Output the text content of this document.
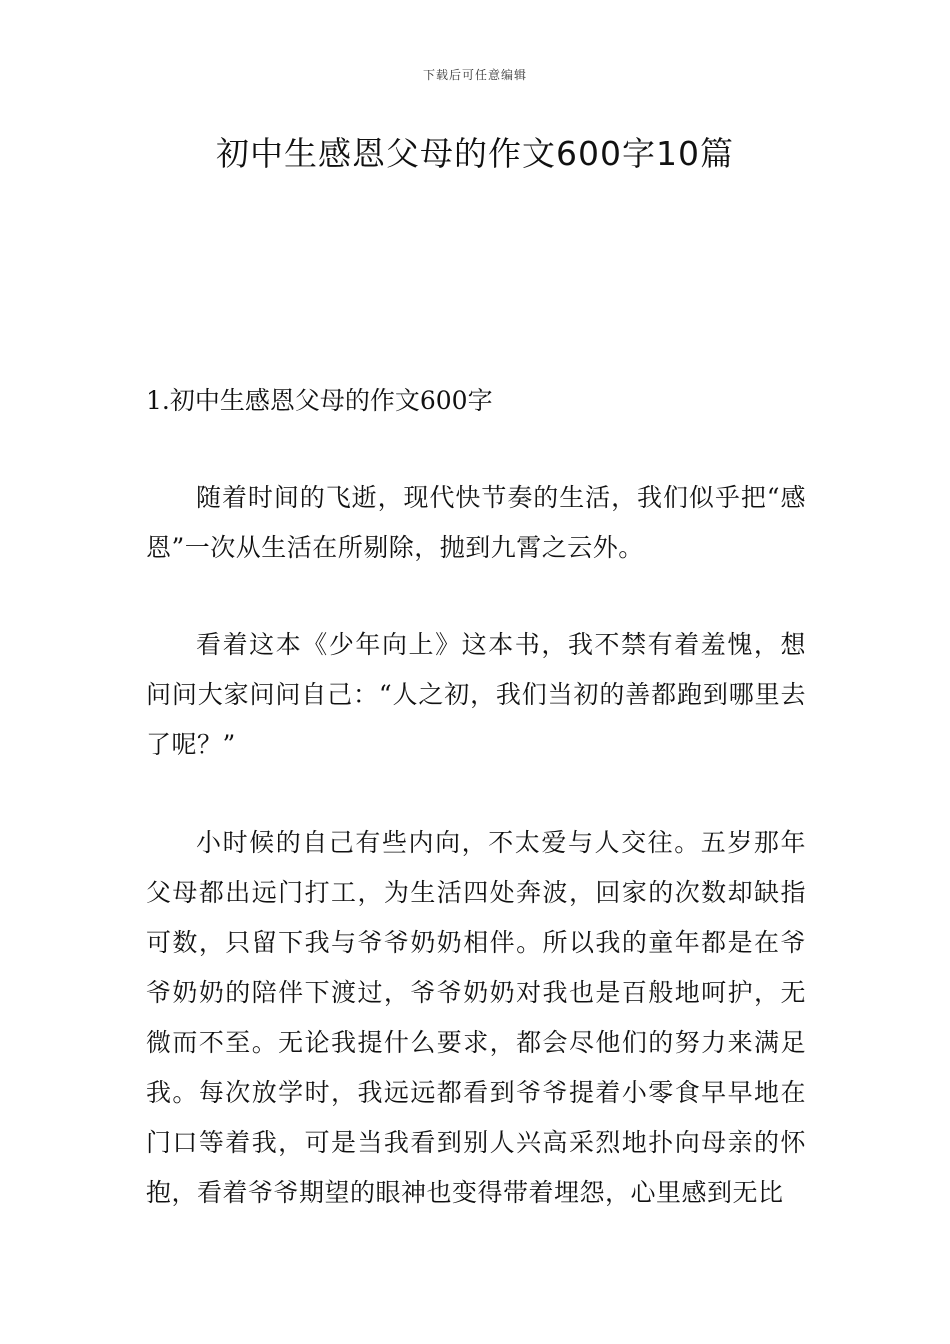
下载后可任意编辑
初中生感恩父母的作文600字10篇

1.初中生感恩父母的作文600字

随着时间的飞逝，现代快节奏的生活，我们似乎把“感恩”一次从生活在所剔除，抛到九霄之云外。

看着这本《少年向上》这本书，我不禁有着羞愧，想问问大家问问自己：“人之初，我们当初的善都跑到哪里去了呢？”

小时候的自己有些内向，不太爱与人交往。五岁那年父母都出远门打工，为生活四处奔波，回家的次数却缺指可数，只留下我与爷爷奶奶相伴。所以我的童年都是在爷爷奶奶的陪伴下渡过，爷爷奶奶对我也是百般地呵护，无微而不至。无论我提什么要求，都会尽他们的努力来满足我。每次放学时，我远远都看到爷爷提着小零食早早地在门口等着我，可是当我看到别人兴高采烈地扑向母亲的怀抱，看着爷爷期望的眼神也变得带着埋怨，心里感到无比
